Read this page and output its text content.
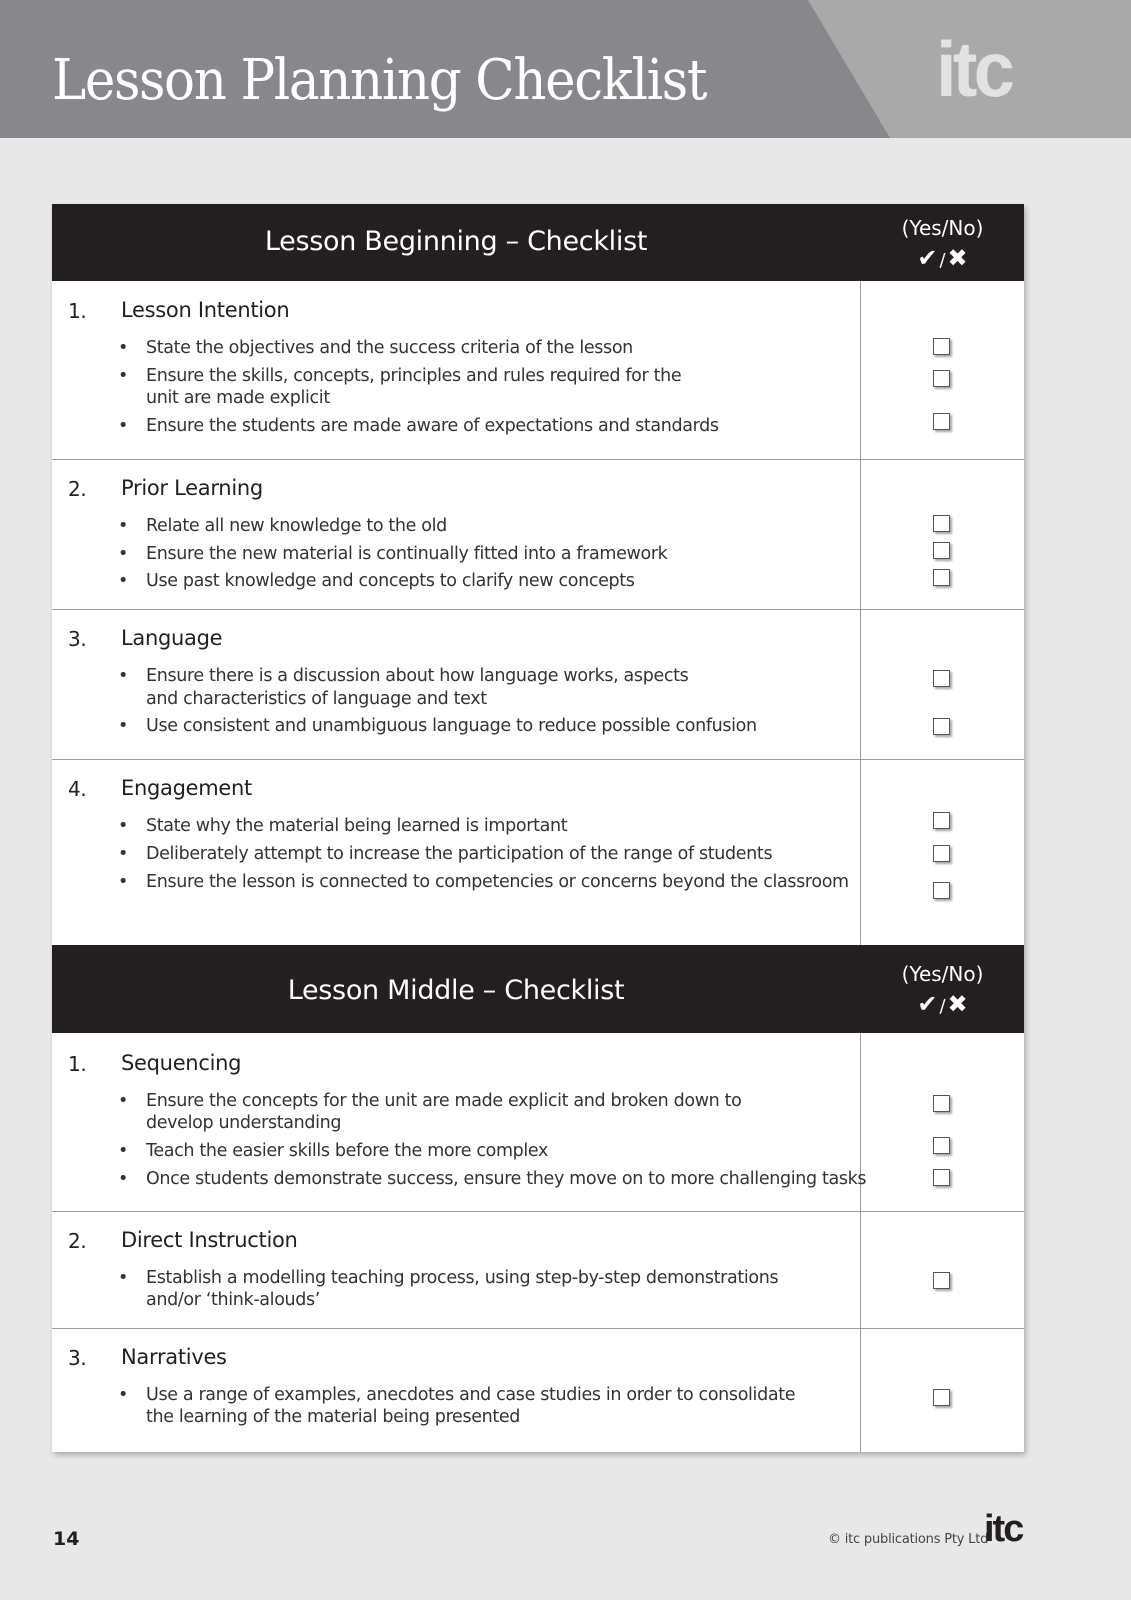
Lesson Planning Checklist	itc
Lesson Beginning – Checklist	(Yes/No)
✔ /✖
1. Lesson Intention
• State the objectives and the success criteria of the lesson
• Ensure the skills, concepts, principles and rules required for the
unit are made explicit
• Ensure the students are made aware of expectations and standards
2. Prior Learning
• Relate all new knowledge to the old
• Ensure the new material is continually fitted into a framework
• Use past knowledge and concepts to clarify new concepts
3. Language
• Ensure there is a discussion about how language works, aspects
and characteristics of language and text
• Use consistent and unambiguous language to reduce possible confusion
4. Engagement
• State why the material being learned is important
• Deliberately attempt to increase the participation of the range of students
• Ensure the lesson is connected to competencies or concerns beyond the classroom
Lesson Middle – Checklist
(Yes/No)
✔ /✖
1. Sequencing
• Ensure the concepts for the unit are made explicit and broken down to
develop understanding
• Teach the easier skills before the more complex
• Once students demonstrate success, ensure they move on to more challenging tasks
2. Direct Instruction
• Establish a modelling teaching process, using step-by-step demonstrations
and/or ‘think-alouds’
3. Narratives
• Use a range of examples, anecdotes and case studies in order to consolidate
the learning of the material being presented
14	© itc publications Pty Ltd
itc
